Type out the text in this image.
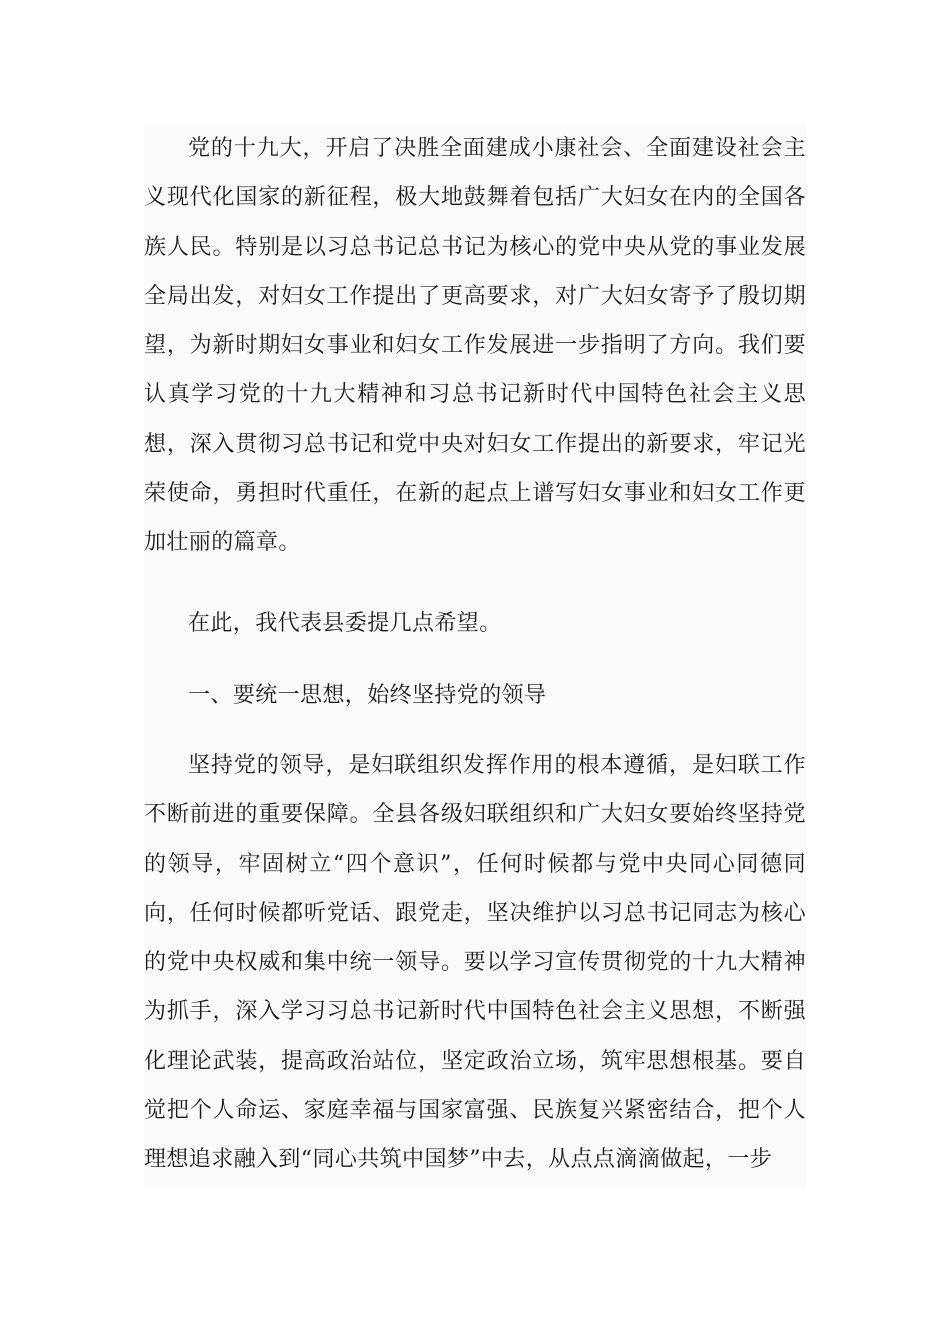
党的十九大，开启了决胜全面建成小康社会、全面建设社会主义现代化国家的新征程，极大地鼓舞着包括广大妇女在内的全国各族人民。特别是以习总书记总书记为核心的党中央从党的事业发展全局出发，对妇女工作提出了更高要求，对广大妇女寄予了殷切期望，为新时期妇女事业和妇女工作发展进一步指明了方向。我们要认真学习党的十九大精神和习总书记新时代中国特色社会主义思想，深入贯彻习总书记和党中央对妇女工作提出的新要求，牢记光荣使命，勇担时代重任，在新的起点上谱写妇女事业和妇女工作更加壮丽的篇章。

在此，我代表县委提几点希望。

一、要统一思想，始终坚持党的领导

坚持党的领导，是妇联组织发挥作用的根本遵循，是妇联工作不断前进的重要保障。全县各级妇联组织和广大妇女要始终坚持党的领导，牢固树立“四个意识”，任何时候都与党中央同心同德同向，任何时候都听党话、跟党走，坚决维护以习总书记同志为核心的党中央权威和集中统一领导。要以学习宣传贯彻党的十九大精神为抓手，深入学习习总书记新时代中国特色社会主义思想，不断强化理论武装，提高政治站位，坚定政治立场，筑牢思想根基。要自觉把个人命运、家庭幸福与国家富强、民族复兴紧密结合，把个人理想追求融入到“同心共筑中国梦”中去，从点点滴滴做起，一步
